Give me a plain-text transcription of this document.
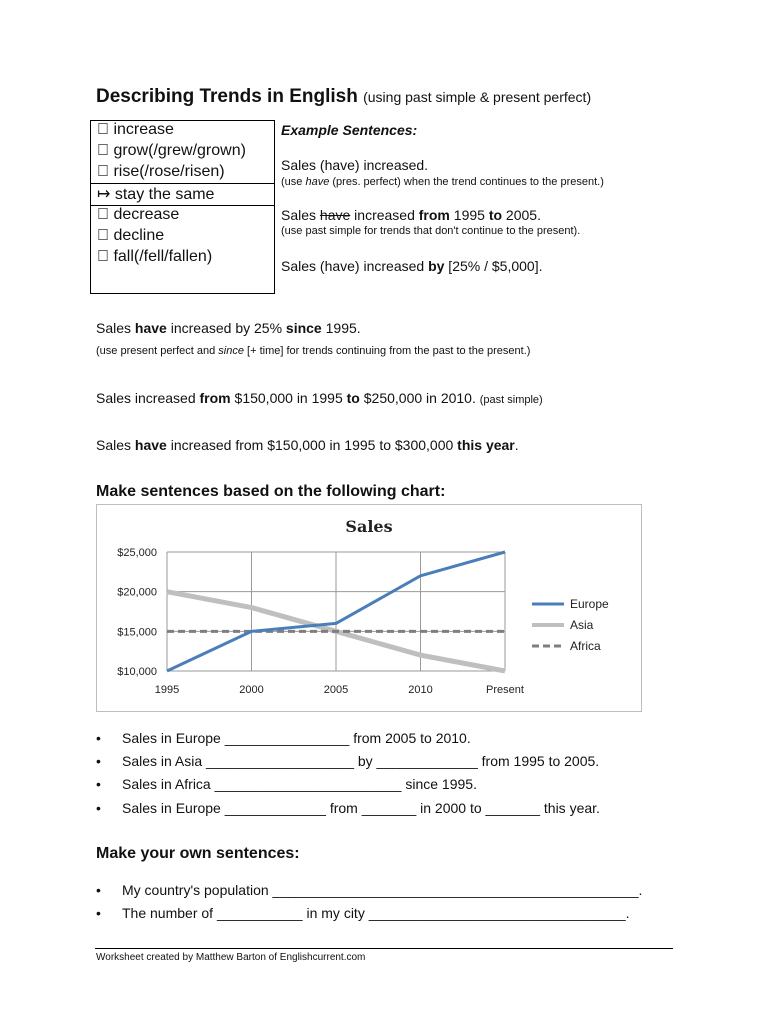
Describing Trends in English (using past simple & present perfect)
increase
grow(/grew/grown)
rise(/rose/risen)
↦ stay the same
decrease
decline
fall(/fell/fallen)
Example Sentences:
Sales (have) increased.
(use have (pres. perfect) when the trend continues to the present.)
Sales have increased from 1995 to 2005.
(use past simple for trends that don't continue to the present).
Sales (have) increased by [25% / $5,000].
Sales have increased by 25% since 1995.
(use present perfect and since [+ time] for trends continuing from the past to the present.)
Sales increased from $150,000 in 1995 to $250,000 in 2010. (past simple)
Sales have increased from $150,000 in 1995 to $300,000 this year.
Make sentences based on the following chart:
Sales
$10,000
$15,000
$20,000
$25,000
1995	2000	2005	2010	Present
Europe
Asia
Africa
• Sales in Europe ________________ from 2005 to 2010.
• Sales in Asia ___________________ by _____________ from 1995 to 2005.
• Sales in Africa ________________________ since 1995.
• Sales in Europe _____________ from _______ in 2000 to _______ this year.
Make your own sentences:
• My country's population _______________________________________________.
• The number of ___________ in my city _________________________________.
Worksheet created by Matthew Barton of Englishcurrent.com
